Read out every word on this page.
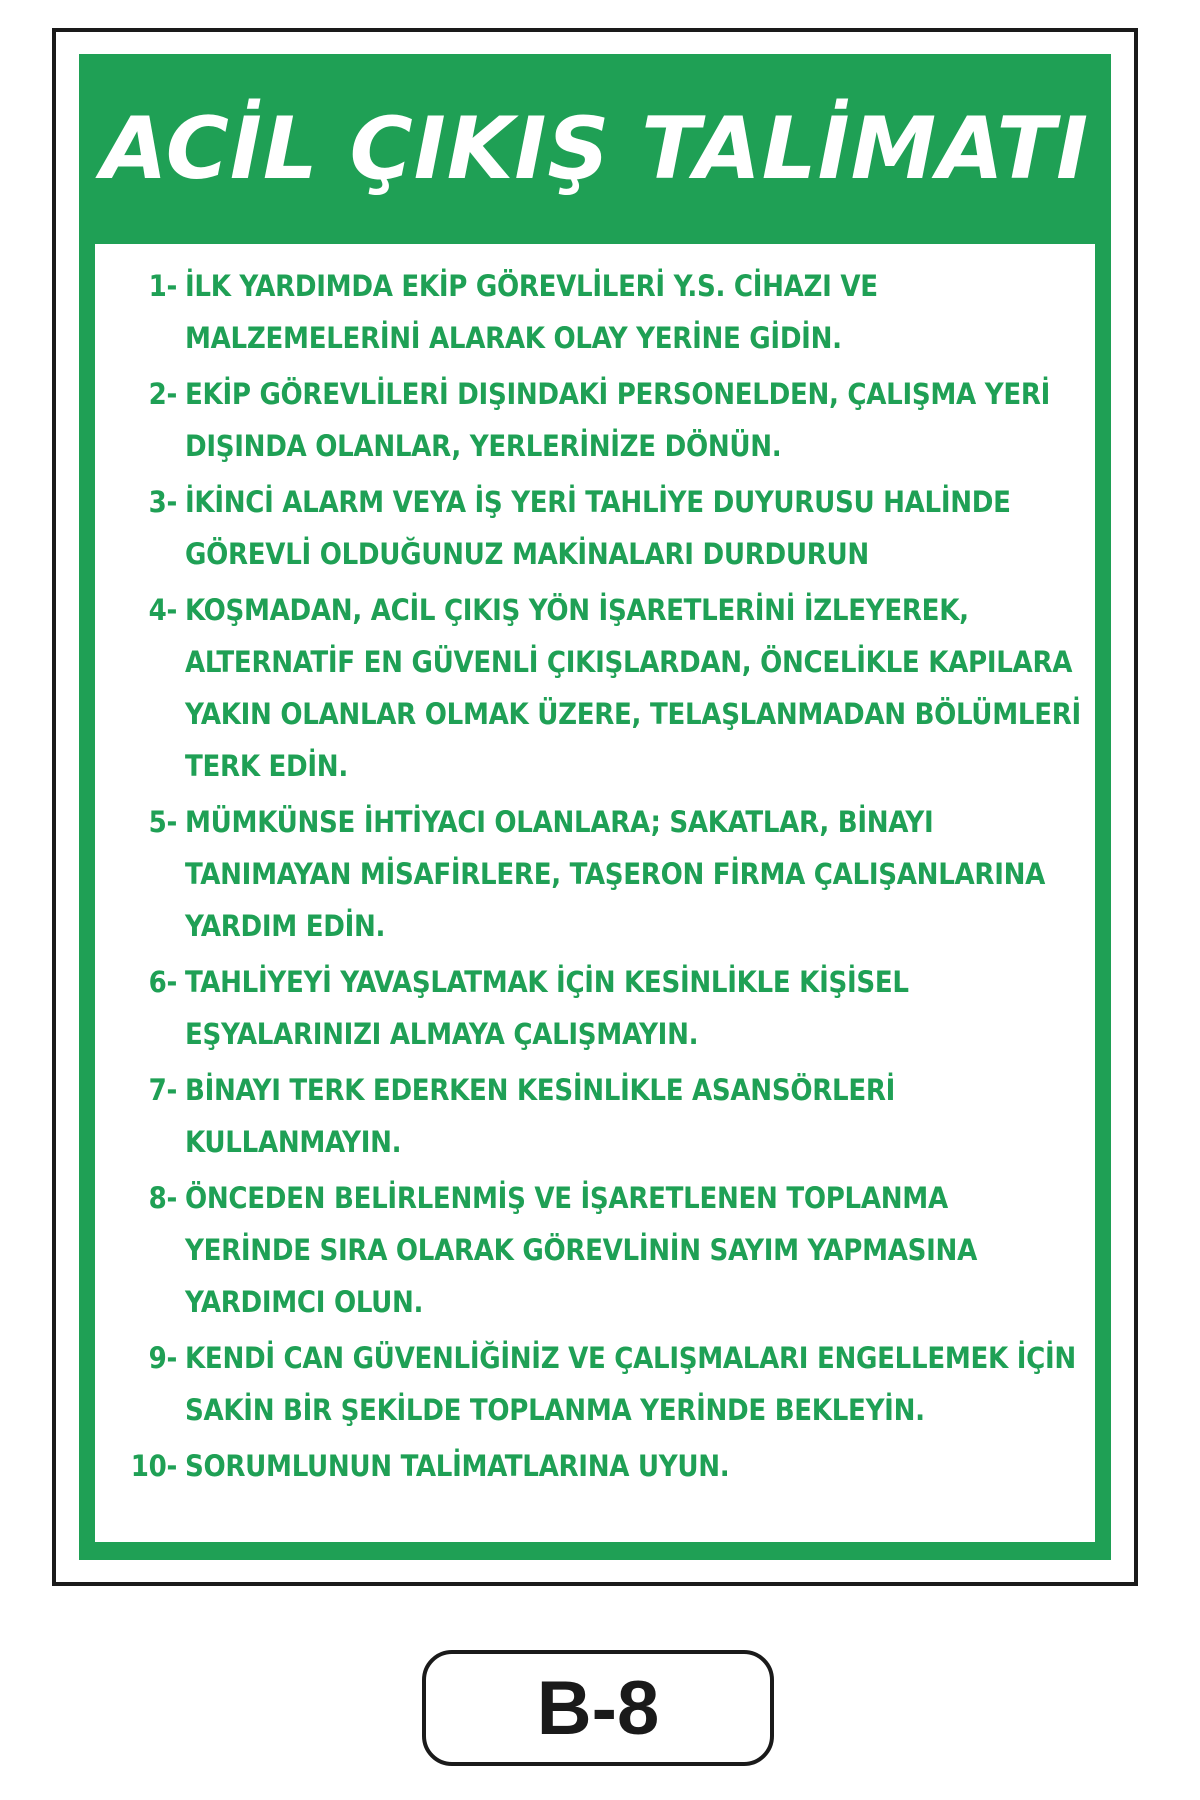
ACİL ÇIKIŞ TALİMATI
1- İLK YARDIMDA EKİP GÖREVLİLERİ Y.S. CİHAZI VE MALZEMELERİNİ ALARAK OLAY YERİNE GİDİN.
2- EKİP GÖREVLİLERİ DIŞINDAKİ PERSONELDEN, ÇALIŞMA YERİ DIŞINDA OLANLAR, YERLERİNİZE DÖNÜN.
3- İKİNCİ ALARM VEYA İŞ YERİ TAHLİYE DUYURUSU HALİNDE GÖREVLİ OLDUĞUNUZ MAKİNALARI DURDURUN
4- KOŞMADAN, ACİL ÇIKIŞ YÖN İŞARETLERİNİ İZLEYEREK, ALTERNATİF EN GÜVENLİ ÇIKIŞLARDAN, ÖNCELİKLE KAPILARA YAKIN OLANLAR OLMAK ÜZERE, TELAŞLANMADAN BÖLÜMLERİ TERK EDİN.
5- MÜMKÜNSE İHTİYACI OLANLARA; SAKATLAR, BİNAYI TANIMAYAN MİSAFİRLERE, TAŞERON FİRMA ÇALIŞANLARINA YARDIM EDİN.
6- TAHLİYEYİ YAVAŞLATMAK İÇİN KESİNLİKLE KİŞİSEL EŞYALARINIZI ALMAYA ÇALIŞMAYIN.
7- BİNAYI TERK EDERKEN KESİNLİKLE ASANSÖRLERİ KULLANMAYIN.
8- ÖNCEDEN BELİRLENMİŞ VE İŞARETLENEN TOPLANMA YERİNDE SIRA OLARAK GÖREVLİNİN SAYIM YAPMASINA YARDIMCI OLUN.
9- KENDİ CAN GÜVENLİĞİNİZ VE ÇALIŞMALARI ENGELLEMEK İÇİN SAKİN BİR ŞEKİLDE TOPLANMA YERİNDE BEKLEYİN.
10- SORUMLUNUN TALİMATLARINA UYUN.
B-8
